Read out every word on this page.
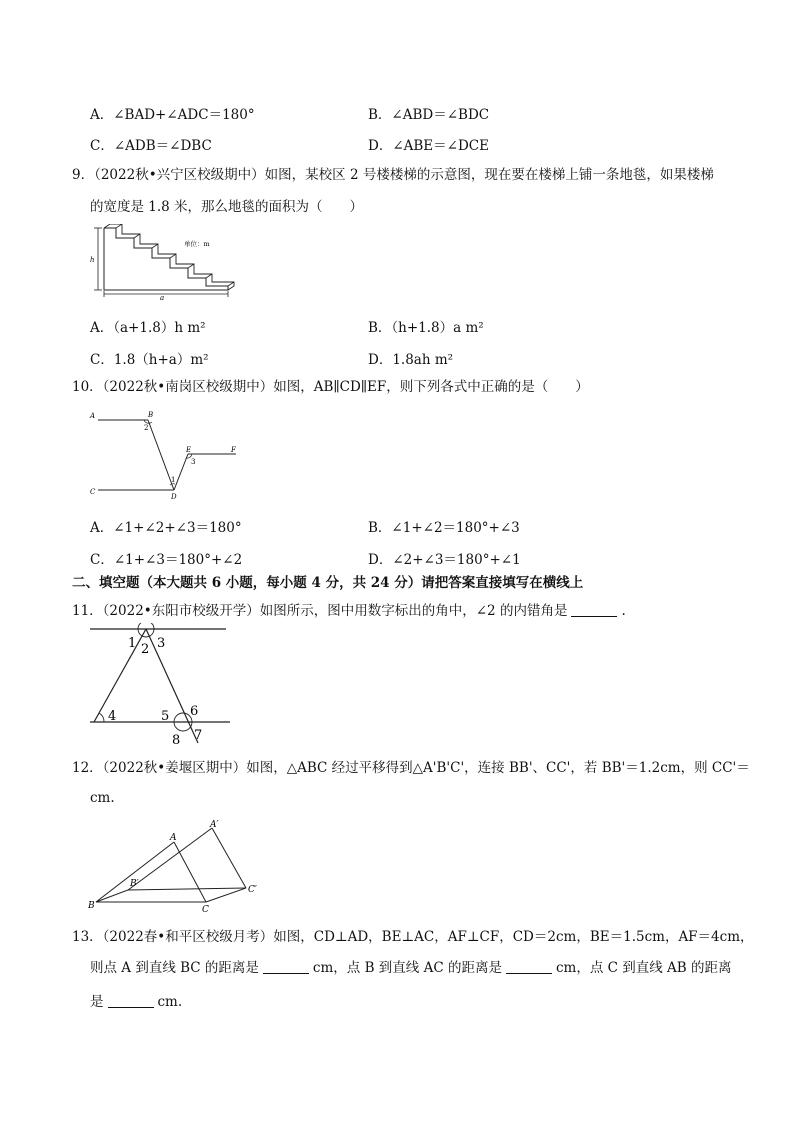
A．∠BAD+∠ADC＝180°	B．∠ABD＝∠BDC
C．∠ADB＝∠DBC	D．∠ABE＝∠DCE
9．（2022秋•兴宁区校级期中）如图，某校区 2 号楼楼梯的示意图，现在要在楼梯上铺一条地毯，如果楼梯
的宽度是 1.8 米，那么地毯的面积为（　　）
h
单位：m
a
A．（a+1.8）h m²	B．（h+1.8）a m²
C．1.8（h+a）m²	D．1.8ah m²
10．（2022秋•南岗区校级期中）如图，AB∥CD∥EF，则下列各式中正确的是（　　）
A	B
C
D
E	F
2
1
3
A．∠1+∠2+∠3＝180°	B．∠1+∠2＝180°+∠3
C．∠1+∠3＝180°+∠2	D．∠2+∠3＝180°+∠1
二、填空题（本大题共 6 小题，每小题 4 分，共 24 分）请把答案直接填写在横线上
11．（2022•东阳市校级开学）如图所示，图中用数字标出的角中，∠2 的内错角是	.
1 2 3
4	5 6
7
8
12．（2022秋•姜堰区期中）如图，△ABC 经过平移得到△A'B'C'，连接 BB'、CC'，若 BB'＝1.2cm，则 CC'＝
cm.
A
B	C
A′
B′
C′
13．（2022春•和平区校级月考）如图，CD⊥AD，BE⊥AC，AF⊥CF，CD＝2cm，BE＝1.5cm，AF＝4cm，
则点 A 到直线 BC 的距离是	cm，点 B 到直线 AC 的距离是	cm，点 C 到直线 AB 的距离
是	cm.
